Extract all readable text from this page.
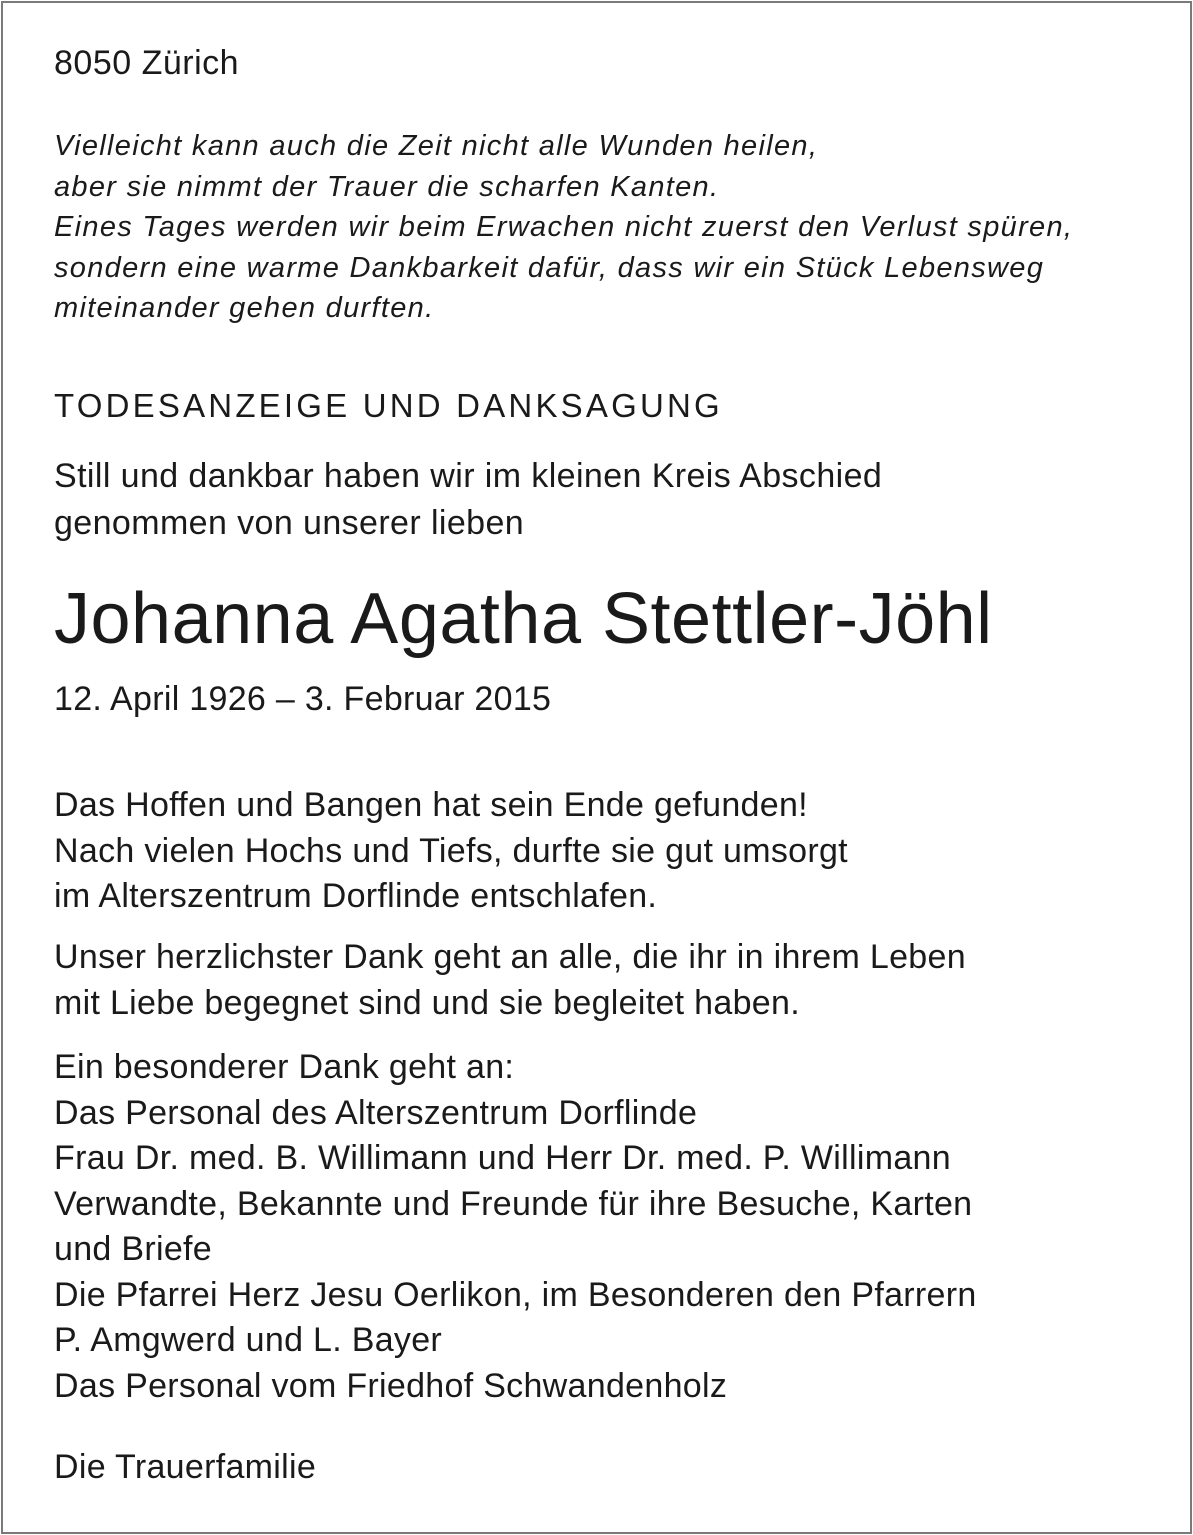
8050 Zürich
Vielleicht kann auch die Zeit nicht alle Wunden heilen,
aber sie nimmt der Trauer die scharfen Kanten.
Eines Tages werden wir beim Erwachen nicht zuerst den Verlust spüren,
sondern eine warme Dankbarkeit dafür, dass wir ein Stück Lebensweg
miteinander gehen durften.
TODESANZEIGE UND DANKSAGUNG
Still und dankbar haben wir im kleinen Kreis Abschied
genommen von unserer lieben
Johanna Agatha Stettler-Jöhl
12. April 1926 – 3. Februar 2015
Das Hoffen und Bangen hat sein Ende gefunden!
Nach vielen Hochs und Tiefs, durfte sie gut umsorgt
im Alterszentrum Dorflinde entschlafen.
Unser herzlichster Dank geht an alle, die ihr in ihrem Leben
mit Liebe begegnet sind und sie begleitet haben.
Ein besonderer Dank geht an:
Das Personal des Alterszentrum Dorflinde
Frau Dr. med. B. Willimann und Herr Dr. med. P. Willimann
Verwandte, Bekannte und Freunde für ihre Besuche, Karten
und Briefe
Die Pfarrei Herz Jesu Oerlikon, im Besonderen den Pfarrern
P. Amgwerd und L. Bayer
Das Personal vom Friedhof Schwandenholz
Die Trauerfamilie
